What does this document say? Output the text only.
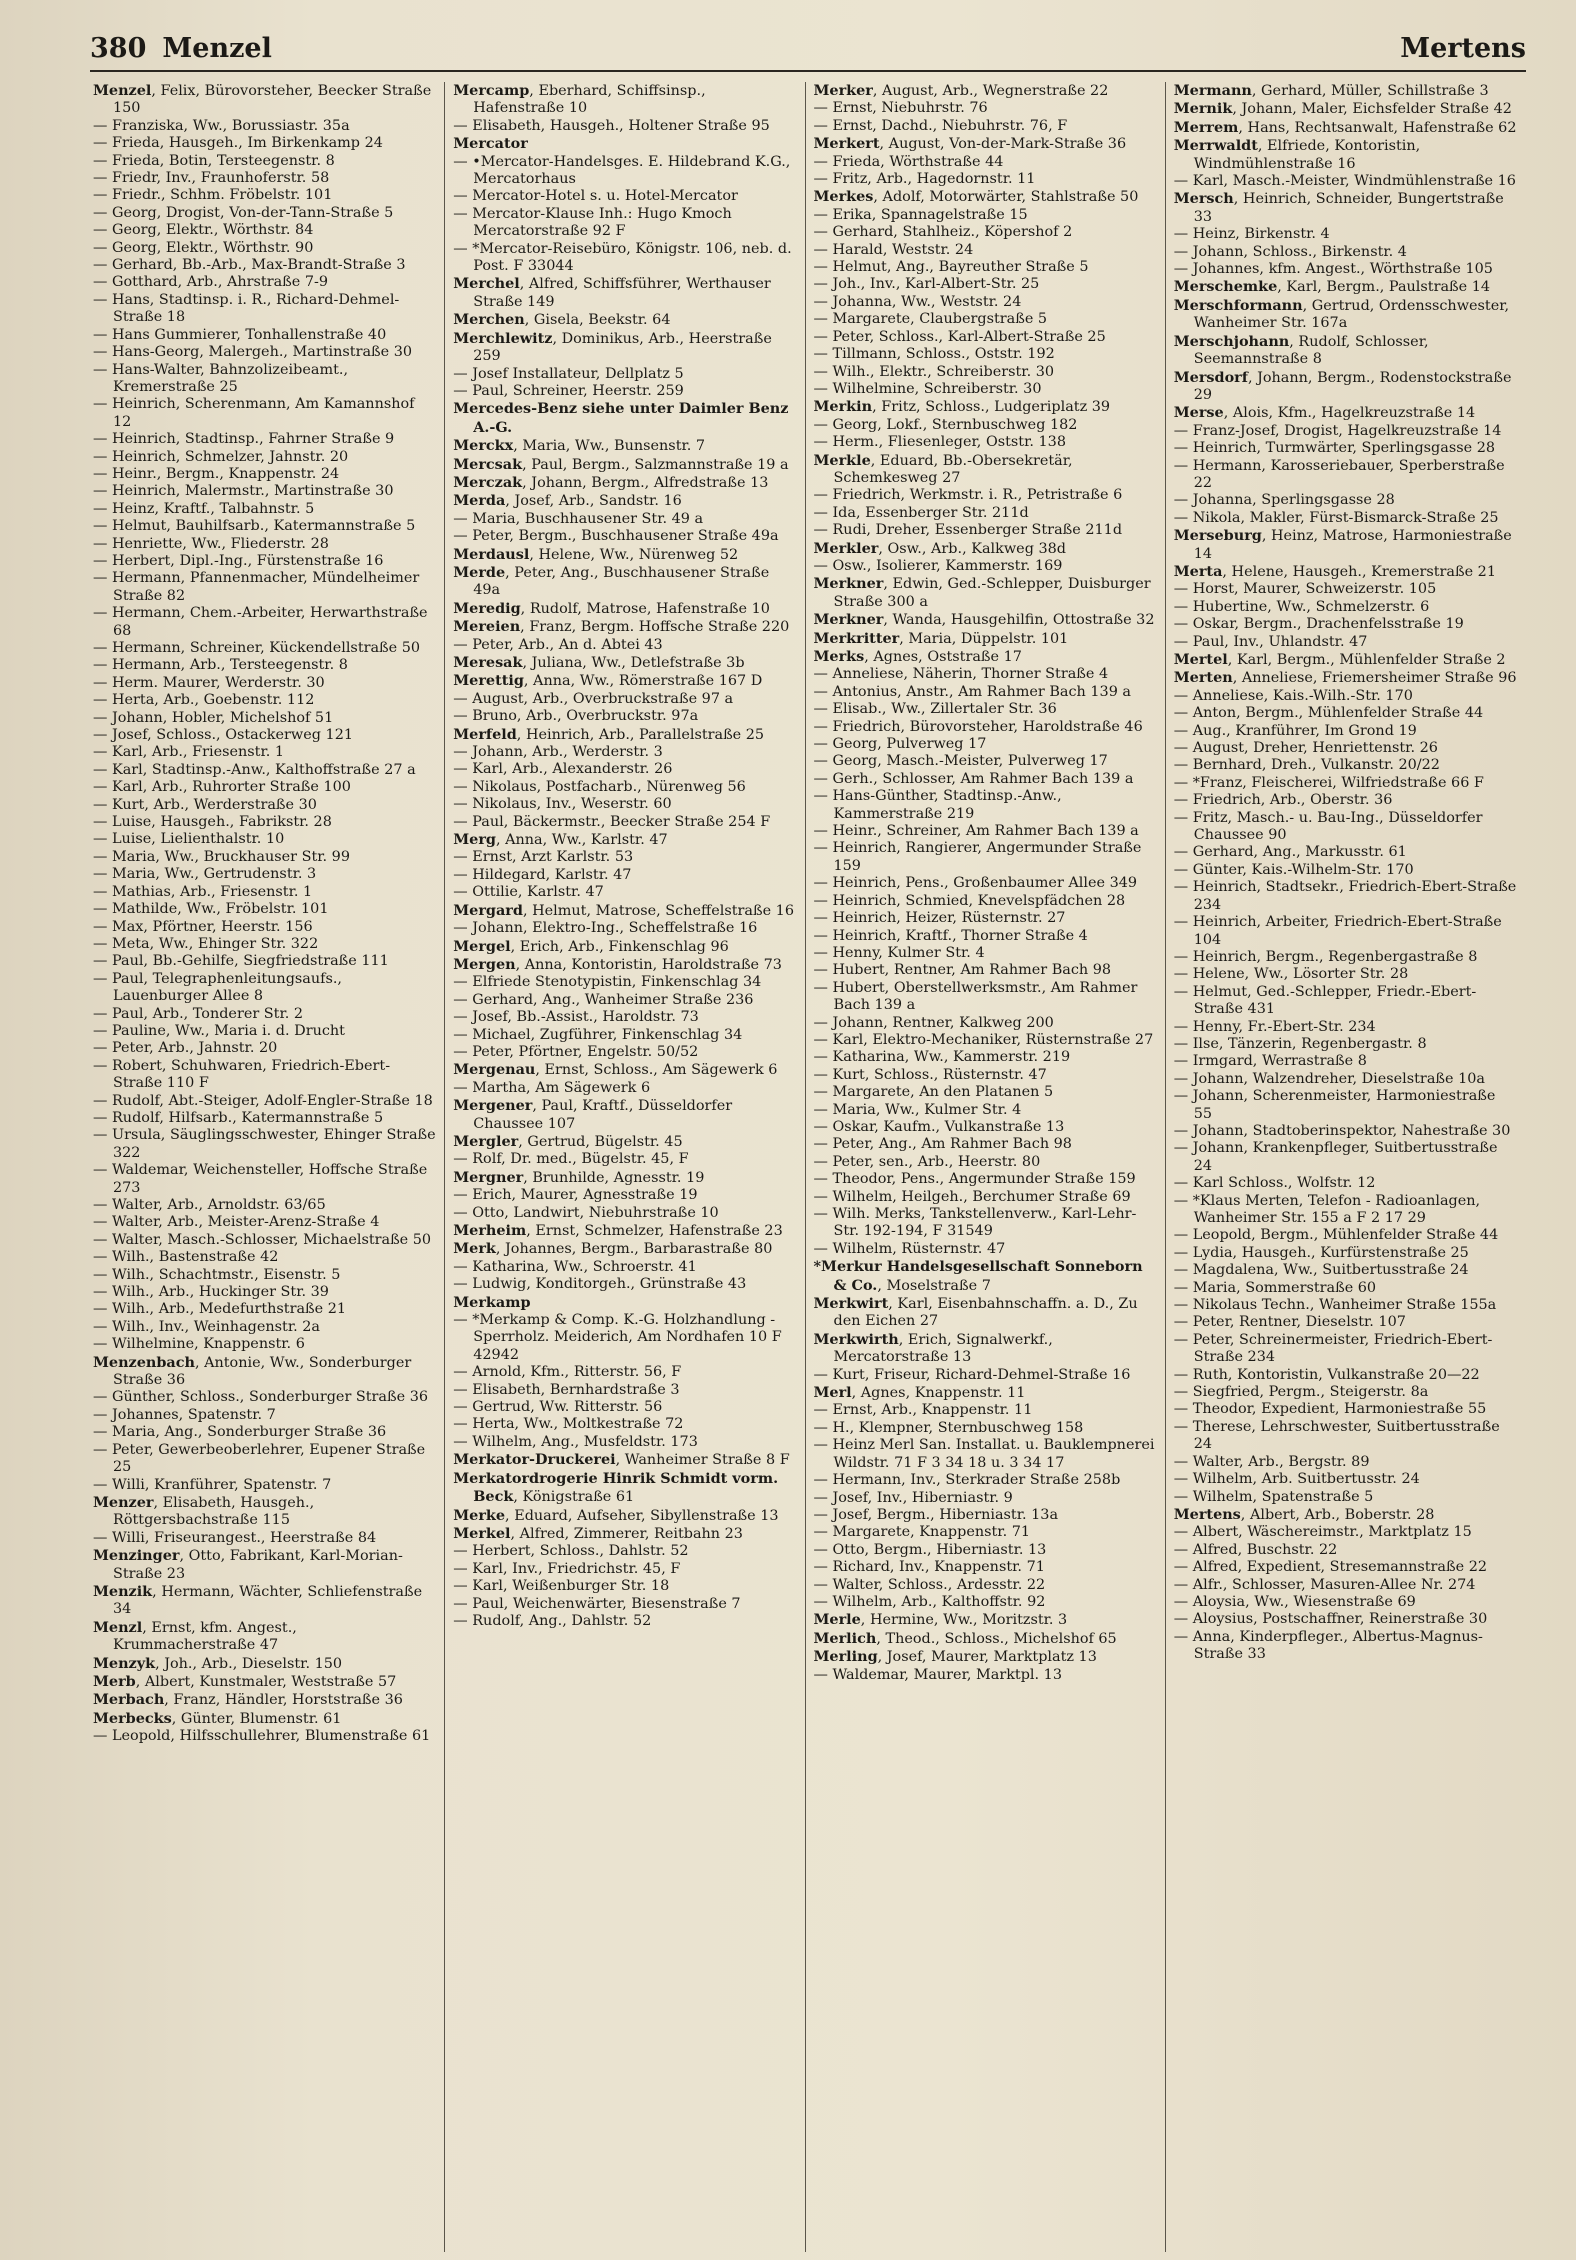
380 Menzel	Mertens
Menzel, Felix, Bürovorsteher, Beecker Straße 150
— Franziska, Ww., Borussiastr. 35a
— Frieda, Hausgeh., Im Birkenkamp 24
— Frieda, Botin, Tersteegenstr. 8
— Friedr, Inv., Fraunhoferstr. 58
— Friedr., Schhm. Fröbelstr. 101
— Georg, Drogist, Von-der-Tann-Straße 5
— Georg, Elektr., Wörthstr. 84
— Georg, Elektr., Wörthstr. 90
— Gerhard, Bb.-Arb., Max-Brandt-Straße 3
— Gotthard, Arb., Ahrstraße 7-9
— Hans, Stadtinsp. i. R., Richard-Dehmel-Straße 18
— Hans Gummierer, Tonhallenstraße 40
— Hans-Georg, Malergeh., Martinstraße 30
— Hans-Walter, Bahnzolizeibeamt., Kremerstraße 25
— Heinrich, Scherenmann, Am Kamannshof 12
— Heinrich, Stadtinsp., Fahrner Straße 9
— Heinrich, Schmelzer, Jahnstr. 20
— Heinr., Bergm., Knappenstr. 24
— Heinrich, Malermstr., Martinstraße 30
— Heinz, Kraftf., Talbahnstr. 5
— Helmut, Bauhilfsarb., Katermannstraße 5
— Henriette, Ww., Fliederstr. 28
— Herbert, Dipl.-Ing., Fürstenstraße 16
— Hermann, Pfannenmacher, Mündelheimer Straße 82
— Hermann, Chem.-Arbeiter, Herwarthstraße 68
— Hermann, Schreiner, Kückendellstraße 50
— Hermann, Arb., Tersteegenstr. 8
— Herm. Maurer, Werderstr. 30
— Herta, Arb., Goebenstr. 112
— Johann, Hobler, Michelshof 51
— Josef, Schloss., Ostackerweg 121
— Karl, Arb., Friesenstr. 1
— Karl, Stadtinsp.-Anw., Kalthoffstraße 27 a
— Karl, Arb., Ruhrorter Straße 100
— Kurt, Arb., Werderstraße 30
— Luise, Hausgeh., Fabrikstr. 28
— Luise, Lielienthalstr. 10
— Maria, Ww., Bruckhauser Str. 99
— Maria, Ww., Gertrudenstr. 3
— Mathias, Arb., Friesenstr. 1
— Mathilde, Ww., Fröbelstr. 101
— Max, Pförtner, Heerstr. 156
— Meta, Ww., Ehinger Str. 322
— Paul, Bb.-Gehilfe, Siegfriedstraße 111
— Paul, Telegraphenleitungsaufs., Lauenburger Allee 8
— Paul, Arb., Tonderer Str. 2
— Pauline, Ww., Maria i. d. Drucht
— Peter, Arb., Jahnstr. 20
— Robert, Schuhwaren, Friedrich-Ebert-Straße 110 F
— Rudolf, Abt.-Steiger, Adolf-Engler-Straße 18
— Rudolf, Hilfsarb., Katermannstraße 5
— Ursula, Säuglingsschwester, Ehinger Straße 322
— Waldemar, Weichensteller, Hoffsche Straße 273
— Walter, Arb., Arnoldstr. 63/65
— Walter, Arb., Meister-Arenz-Straße 4
— Walter, Masch.-Schlosser, Michaelstraße 50
— Wilh., Bastenstraße 42
— Wilh., Schachtmstr., Eisenstr. 5
— Wilh., Arb., Huckinger Str. 39
— Wilh., Arb., Medefurthstraße 21
— Wilh., Inv., Weinhagenstr. 2a
— Wilhelmine, Knappenstr. 6
Menzenbach, Antonie, Ww., Sonderburger Straße 36
— Günther, Schloss., Sonderburger Straße 36
— Johannes, Spatenstr. 7
— Maria, Ang., Sonderburger Straße 36
— Peter, Gewerbeoberlehrer, Eupener Straße 25
— Willi, Kranführer, Spatenstr. 7
Menzer, Elisabeth, Hausgeh., Röttgersbachstraße 115
— Willi, Friseurangest., Heerstraße 84
Menzinger, Otto, Fabrikant, Karl-Morian-Straße 23
Menzik, Hermann, Wächter, Schliefenstraße 34
Menzl, Ernst, kfm. Angest., Krummacherstraße 47
Menzyk, Joh., Arb., Dieselstr. 150
Merb, Albert, Kunstmaler, Weststraße 57
Merbach, Franz, Händler, Horststraße 36
Merbecks, Günter, Blumenstr. 61
— Leopold, Hilfsschullehrer, Blumenstraße 61
Mercamp, Eberhard, Schiffsinsp., Hafenstraße 10
— Elisabeth, Hausgeh., Holtener Straße 95
Mercator
— •Mercator-Handelsges. E. Hildebrand K.G., Mercatorhaus
— Mercator-Hotel s. u. Hotel-Mercator
— Mercator-Klause Inh.: Hugo Kmoch Mercatorstraße 92 F
— *Mercator-Reisebüro, Königstr. 106, neb. d. Post. F 33044
Merchel, Alfred, Schiffsführer, Werthauser Straße 149
Merchen, Gisela, Beekstr. 64
Merchlewitz, Dominikus, Arb., Heerstraße 259
— Josef Installateur, Dellplatz 5
— Paul, Schreiner, Heerstr. 259
Mercedes-Benz siehe unter Daimler Benz A.-G.
Merckx, Maria, Ww., Bunsenstr. 7
Mercsak, Paul, Bergm., Salzmannstraße 19 a
Merczak, Johann, Bergm., Alfredstraße 13
Merda, Josef, Arb., Sandstr. 16
— Maria, Buschhausener Str. 49 a
— Peter, Bergm., Buschhausener Straße 49a
Merdausl, Helene, Ww., Nürenweg 52
Merde, Peter, Ang., Buschhausener Straße 49a
Meredig, Rudolf, Matrose, Hafenstraße 10
Mereien, Franz, Bergm. Hoffsche Straße 220
— Peter, Arb., An d. Abtei 43
Meresak, Juliana, Ww., Detlefstraße 3b
Merettig, Anna, Ww., Römerstraße 167 D
— August, Arb., Overbruckstraße 97 a
— Bruno, Arb., Overbruckstr. 97a
Merfeld, Heinrich, Arb., Parallelstraße 25
— Johann, Arb., Werderstr. 3
— Karl, Arb., Alexanderstr. 26
— Nikolaus, Postfacharb., Nürenweg 56
— Nikolaus, Inv., Weserstr. 60
— Paul, Bäckermstr., Beecker Straße 254 F
Merg, Anna, Ww., Karlstr. 47
— Ernst, Arzt Karlstr. 53
— Hildegard, Karlstr. 47
— Ottilie, Karlstr. 47
Mergard, Helmut, Matrose, Scheffelstraße 16
— Johann, Elektro-Ing., Scheffelstraße 16
Mergel, Erich, Arb., Finkenschlag 96
Mergen, Anna, Kontoristin, Haroldstraße 73
— Elfriede Stenotypistin, Finkenschlag 34
— Gerhard, Ang., Wanheimer Straße 236
— Josef, Bb.-Assist., Haroldstr. 73
— Michael, Zugführer, Finkenschlag 34
— Peter, Pförtner, Engelstr. 50/52
Mergenau, Ernst, Schloss., Am Sägewerk 6
— Martha, Am Sägewerk 6
Mergener, Paul, Kraftf., Düsseldorfer Chaussee 107
Mergler, Gertrud, Bügelstr. 45
— Rolf, Dr. med., Bügelstr. 45, F
Mergner, Brunhilde, Agnesstr. 19
— Erich, Maurer, Agnesstraße 19
— Otto, Landwirt, Niebuhrstraße 10
Merheim, Ernst, Schmelzer, Hafenstraße 23
Merk, Johannes, Bergm., Barbarastraße 80
— Katharina, Ww., Schroerstr. 41
— Ludwig, Konditorgeh., Grünstraße 43
Merkamp
— *Merkamp & Comp. K.-G. Holzhandlung - Sperrholz. Meiderich, Am Nordhafen 10 F 42942
— Arnold, Kfm., Ritterstr. 56, F
— Elisabeth, Bernhardstraße 3
— Gertrud, Ww. Ritterstr. 56
— Herta, Ww., Moltkestraße 72
— Wilhelm, Ang., Musfeldstr. 173
Merkator-Druckerei, Wanheimer Straße 8 F
Merkatordrogerie Hinrik Schmidt vorm. Beck, Königstraße 61
Merke, Eduard, Aufseher, Sibyllenstraße 13
Merkel, Alfred, Zimmerer, Reitbahn 23
— Herbert, Schloss., Dahlstr. 52
— Karl, Inv., Friedrichstr. 45, F
— Karl, Weißenburger Str. 18
— Paul, Weichenwärter, Biesenstraße 7
— Rudolf, Ang., Dahlstr. 52
Merker, August, Arb., Wegnerstraße 22
— Ernst, Niebuhrstr. 76
— Ernst, Dachd., Niebuhrstr. 76, F
Merkert, August, Von-der-Mark-Straße 36
— Frieda, Wörthstraße 44
— Fritz, Arb., Hagedornstr. 11
Merkes, Adolf, Motorwärter, Stahlstraße 50
— Erika, Spannagelstraße 15
— Gerhard, Stahlheiz., Köpershof 2
— Harald, Weststr. 24
— Helmut, Ang., Bayreuther Straße 5
— Joh., Inv., Karl-Albert-Str. 25
— Johanna, Ww., Weststr. 24
— Margarete, Claubergstraße 5
— Peter, Schloss., Karl-Albert-Straße 25
— Tillmann, Schloss., Oststr. 192
— Wilh., Elektr., Schreiberstr. 30
— Wilhelmine, Schreiberstr. 30
Merkin, Fritz, Schloss., Ludgeriplatz 39
— Georg, Lokf., Sternbuschweg 182
— Herm., Fliesenleger, Oststr. 138
Merkle, Eduard, Bb.-Obersekretär, Schemkesweg 27
— Friedrich, Werkmstr. i. R., Petristraße 6
— Ida, Essenberger Str. 211d
— Rudi, Dreher, Essenberger Straße 211d
Merkler, Osw., Arb., Kalkweg 38d
— Osw., Isolierer, Kammerstr. 169
Merkner, Edwin, Ged.-Schlepper, Duisburger Straße 300 a
Merkner, Wanda, Hausgehilfin, Ottostraße 32
Merkritter, Maria, Düppelstr. 101
Merks, Agnes, Oststraße 17
— Anneliese, Näherin, Thorner Straße 4
— Antonius, Anstr., Am Rahmer Bach 139 a
— Elisab., Ww., Zillertaler Str. 36
— Friedrich, Bürovorsteher, Haroldstraße 46
— Georg, Pulverweg 17
— Georg, Masch.-Meister, Pulverweg 17
— Gerh., Schlosser, Am Rahmer Bach 139 a
— Hans-Günther, Stadtinsp.-Anw., Kammerstraße 219
— Heinr., Schreiner, Am Rahmer Bach 139 a
— Heinrich, Rangierer, Angermunder Straße 159
— Heinrich, Pens., Großenbaumer Allee 349
— Heinrich, Schmied, Knevelspfädchen 28
— Heinrich, Heizer, Rüsternstr. 27
— Heinrich, Kraftf., Thorner Straße 4
— Henny, Kulmer Str. 4
— Hubert, Rentner, Am Rahmer Bach 98
— Hubert, Oberstellwerksmstr., Am Rahmer Bach 139 a
— Johann, Rentner, Kalkweg 200
— Karl, Elektro-Mechaniker, Rüsternstraße 27
— Katharina, Ww., Kammerstr. 219
— Kurt, Schloss., Rüsternstr. 47
— Margarete, An den Platanen 5
— Maria, Ww., Kulmer Str. 4
— Oskar, Kaufm., Vulkanstraße 13
— Peter, Ang., Am Rahmer Bach 98
— Peter, sen., Arb., Heerstr. 80
— Theodor, Pens., Angermunder Straße 159
— Wilhelm, Heilgeh., Berchumer Straße 69
— Wilh. Merks, Tankstellenverw., Karl-Lehr-Str. 192-194, F 31549
— Wilhelm, Rüsternstr. 47
*Merkur Handelsgesellschaft Sonneborn & Co., Moselstraße 7
Merkwirt, Karl, Eisenbahnschaffn. a. D., Zu den Eichen 27
Merkwirth, Erich, Signalwerkf., Mercatorstraße 13
— Kurt, Friseur, Richard-Dehmel-Straße 16
Merl, Agnes, Knappenstr. 11
— Ernst, Arb., Knappenstr. 11
— H., Klempner, Sternbuschweg 158
— Heinz Merl San. Installat. u. Bauklempnerei Wildstr. 71 F 3 34 18 u. 3 34 17
— Hermann, Inv., Sterkrader Straße 258b
— Josef, Inv., Hiberniastr. 9
— Josef, Bergm., Hiberniastr. 13a
— Margarete, Knappenstr. 71
— Otto, Bergm., Hiberniastr. 13
— Richard, Inv., Knappenstr. 71
— Walter, Schloss., Ardesstr. 22
— Wilhelm, Arb., Kalthoffstr. 92
Merle, Hermine, Ww., Moritzstr. 3
Merlich, Theod., Schloss., Michelshof 65
Merling, Josef, Maurer, Marktplatz 13
— Waldemar, Maurer, Marktpl. 13
Mermann, Gerhard, Müller, Schillstraße 3
Mernik, Johann, Maler, Eichsfelder Straße 42
Merrem, Hans, Rechtsanwalt, Hafenstraße 62
Merrwaldt, Elfriede, Kontoristin, Windmühlenstraße 16
— Karl, Masch.-Meister, Windmühlenstraße 16
Mersch, Heinrich, Schneider, Bungertstraße 33
— Heinz, Birkenstr. 4
— Johann, Schloss., Birkenstr. 4
— Johannes, kfm. Angest., Wörthstraße 105
Merschemke, Karl, Bergm., Paulstraße 14
Merschformann, Gertrud, Ordensschwester, Wanheimer Str. 167a
Merschjohann, Rudolf, Schlosser, Seemannstraße 8
Mersdorf, Johann, Bergm., Rodenstockstraße 29
Merse, Alois, Kfm., Hagelkreuzstraße 14
— Franz-Josef, Drogist, Hagelkreuzstraße 14
— Heinrich, Turmwärter, Sperlingsgasse 28
— Hermann, Karosseriebauer, Sperberstraße 22
— Johanna, Sperlingsgasse 28
— Nikola, Makler, Fürst-Bismarck-Straße 25
Merseburg, Heinz, Matrose, Harmoniestraße 14
Merta, Helene, Hausgeh., Kremerstraße 21
— Horst, Maurer, Schweizerstr. 105
— Hubertine, Ww., Schmelzerstr. 6
— Oskar, Bergm., Drachenfelsstraße 19
— Paul, Inv., Uhlandstr. 47
Mertel, Karl, Bergm., Mühlenfelder Straße 2
Merten, Anneliese, Friemersheimer Straße 96
— Anneliese, Kais.-Wilh.-Str. 170
— Anton, Bergm., Mühlenfelder Straße 44
— Aug., Kranführer, Im Grond 19
— August, Dreher, Henriettenstr. 26
— Bernhard, Dreh., Vulkanstr. 20/22
— *Franz, Fleischerei, Wilfriedstraße 66 F
— Friedrich, Arb., Oberstr. 36
— Fritz, Masch.- u. Bau-Ing., Düsseldorfer Chaussee 90
— Gerhard, Ang., Markusstr. 61
— Günter, Kais.-Wilhelm-Str. 170
— Heinrich, Stadtsekr., Friedrich-Ebert-Straße 234
— Heinrich, Arbeiter, Friedrich-Ebert-Straße 104
— Heinrich, Bergm., Regenbergastraße 8
— Helene, Ww., Lösorter Str. 28
— Helmut, Ged.-Schlepper, Friedr.-Ebert-Straße 431
— Henny, Fr.-Ebert-Str. 234
— Ilse, Tänzerin, Regenbergastr. 8
— Irmgard, Werrastraße 8
— Johann, Walzendreher, Dieselstraße 10a
— Johann, Scherenmeister, Harmoniestraße 55
— Johann, Stadtoberinspektor, Nahestraße 30
— Johann, Krankenpfleger, Suitbertusstraße 24
— Karl Schloss., Wolfstr. 12
— *Klaus Merten, Telefon - Radioanlagen, Wanheimer Str. 155 a F 2 17 29
— Leopold, Bergm., Mühlenfelder Straße 44
— Lydia, Hausgeh., Kurfürstenstraße 25
— Magdalena, Ww., Suitbertusstraße 24
— Maria, Sommerstraße 60
— Nikolaus Techn., Wanheimer Straße 155a
— Peter, Rentner, Dieselstr. 107
— Peter, Schreinermeister, Friedrich-Ebert-Straße 234
— Ruth, Kontoristin, Vulkanstraße 20—22
— Siegfried, Pergm., Steigerstr. 8a
— Theodor, Expedient, Harmoniestraße 55
— Therese, Lehrschwester, Suitbertusstraße 24
— Walter, Arb., Bergstr. 89
— Wilhelm, Arb. Suitbertusstr. 24
— Wilhelm, Spatenstraße 5
Mertens, Albert, Arb., Boberstr. 28
— Albert, Wäschereimstr., Marktplatz 15
— Alfred, Buschstr. 22
— Alfred, Expedient, Stresemannstraße 22
— Alfr., Schlosser, Masuren-Allee Nr. 274
— Aloysia, Ww., Wiesenstraße 69
— Aloysius, Postschaffner, Reinerstraße 30
— Anna, Kinderpfleger., Albertus-Magnus-Straße 33
